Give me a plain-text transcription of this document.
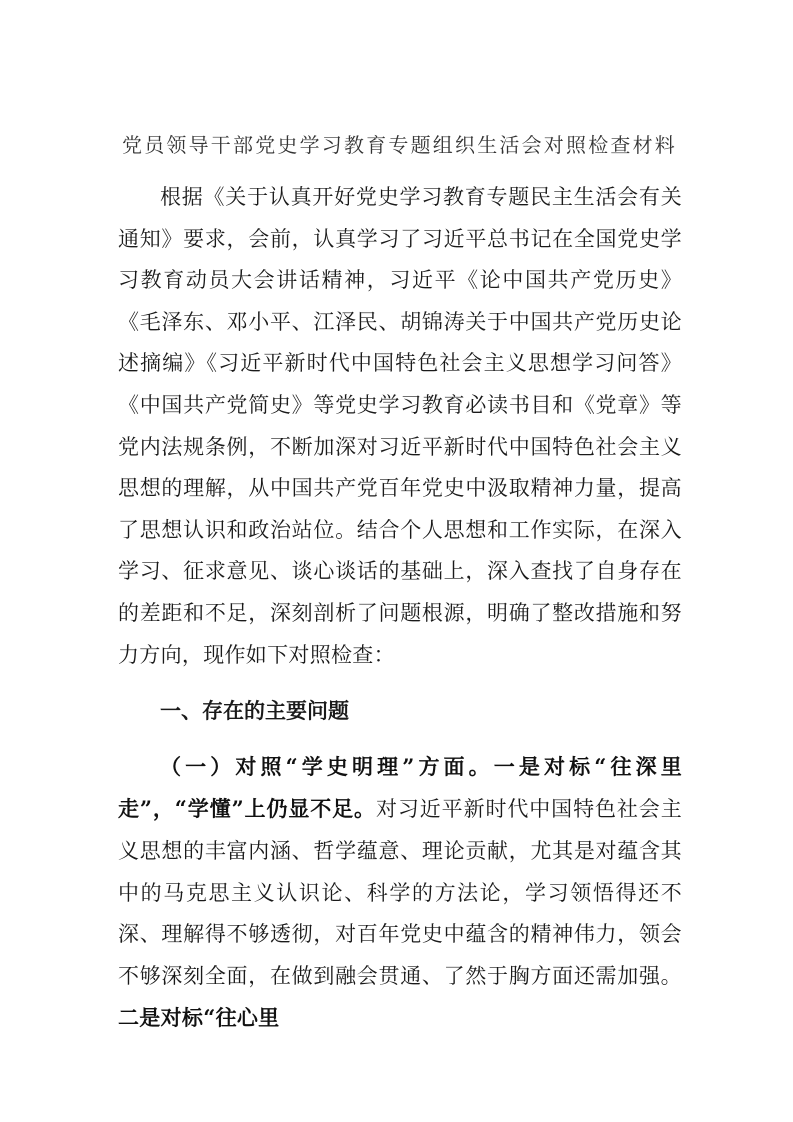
党员领导干部党史学习教育专题组织生活会对照检查材料

根据《关于认真开好党史学习教育专题民主生活会有关通知》要求，会前，认真学习了习近平总书记在全国党史学习教育动员大会讲话精神，习近平《论中国共产党历史》《毛泽东、邓小平、江泽民、胡锦涛关于中国共产党历史论述摘编》《习近平新时代中国特色社会主义思想学习问答》《中国共产党简史》等党史学习教育必读书目和《党章》等党内法规条例，不断加深对习近平新时代中国特色社会主义思想的理解，从中国共产党百年党史中汲取精神力量，提高了思想认识和政治站位。结合个人思想和工作实际，在深入学习、征求意见、谈心谈话的基础上，深入查找了自身存在的差距和不足，深刻剖析了问题根源，明确了整改措施和努力方向，现作如下对照检查：

一、存在的主要问题

（一）对照“学史明理”方面。一是对标“往深里走”，“学懂”上仍显不足。对习近平新时代中国特色社会主义思想的丰富内涵、哲学蕴意、理论贡献，尤其是对蕴含其中的马克思主义认识论、科学的方法论，学习领悟得还不深、理解得不够透彻，对百年党史中蕴含的精神伟力，领会不够深刻全面，在做到融会贯通、了然于胸方面还需加强。二是对标“往心里
